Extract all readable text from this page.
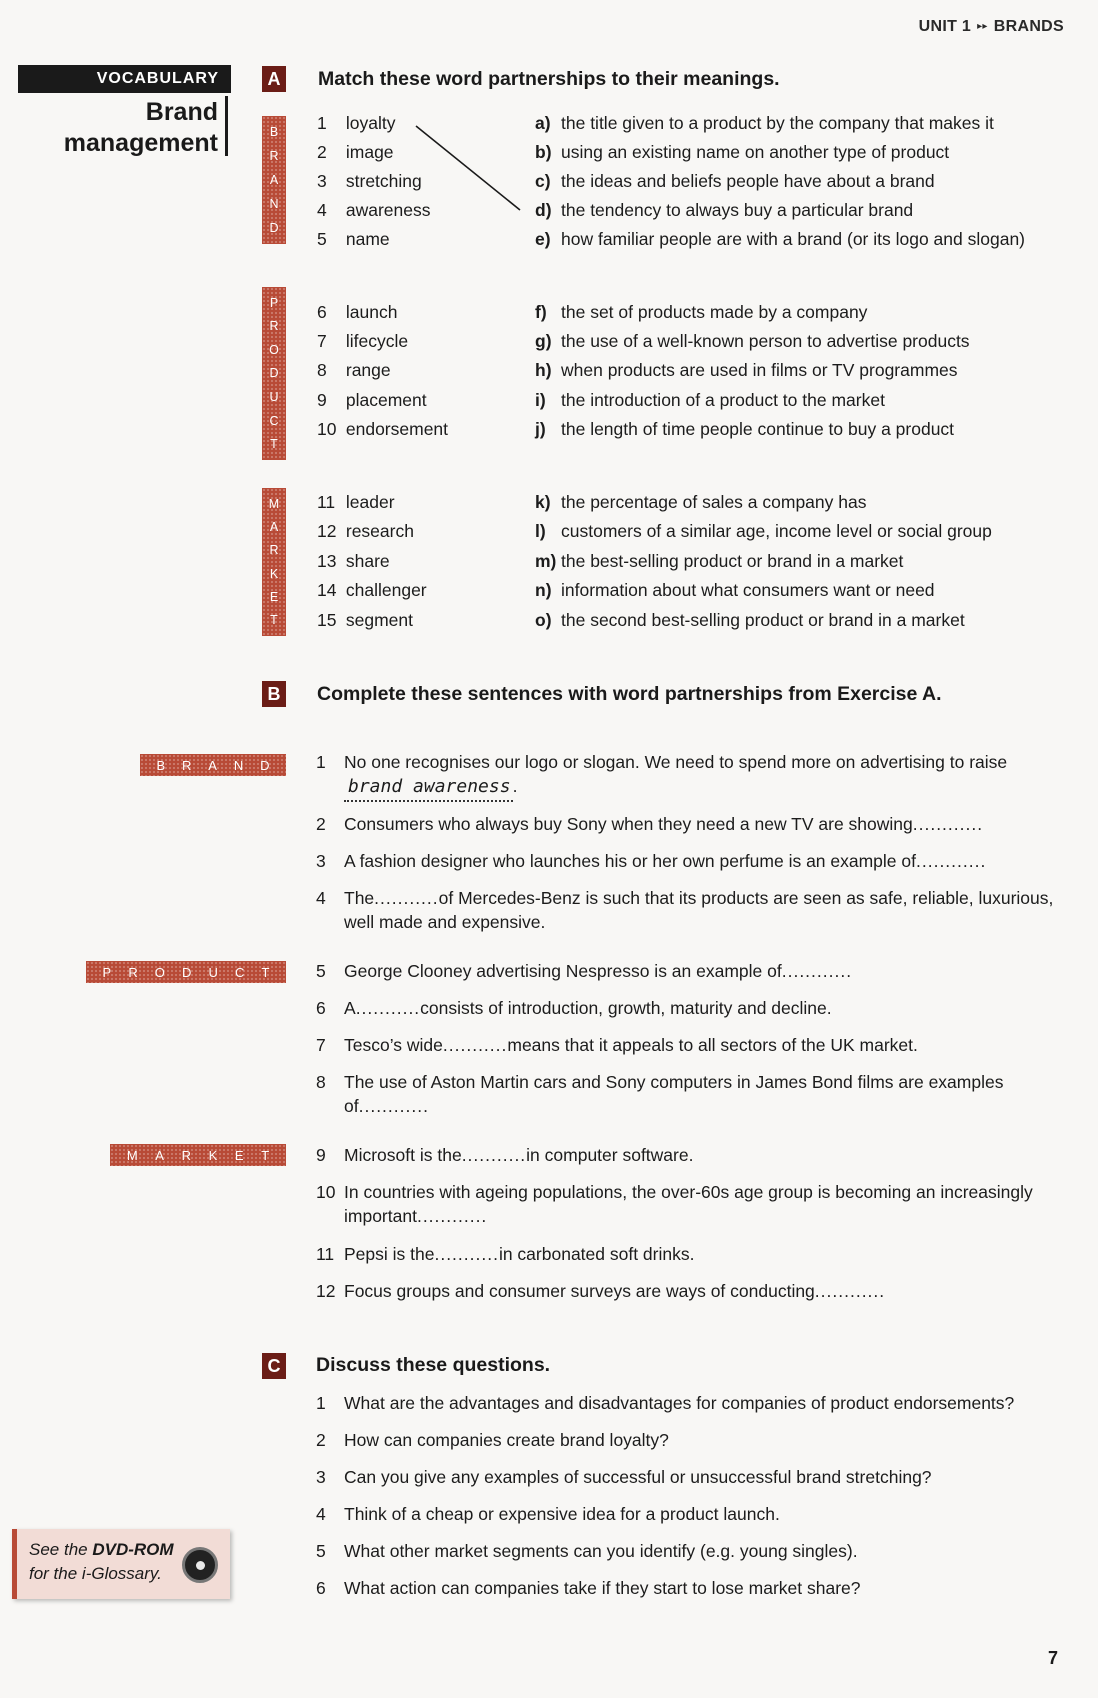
UNIT 1 ▸▸ BRANDS
VOCABULARY
Brand
management
A Match these word partnerships to their meanings.
B
R
A
N
D
P
R
O
D
U
C
T
M
A
R
K
E
T
1 loyalty
2 image
3 stretching
4 awareness
5 name
a) the title given to a product by the company that makes it
b) using an existing name on another type of product
c) the ideas and beliefs people have about a brand
d) the tendency to always buy a particular brand
e) how familiar people are with a brand (or its logo and slogan)
6 launch
7 lifecycle
8 range
9 placement
10 endorsement
f) the set of products made by a company
g) the use of a well-known person to advertise products
h) when products are used in films or TV programmes
i) the introduction of a product to the market
j) the length of time people continue to buy a product
11 leader
12 research
13 share
14 challenger
15 segment
k) the percentage of sales a company has
l) customers of a similar age, income level or social group
m) the best-selling product or brand in a market
n) information about what consumers want or need
o) the second best-selling product or brand in a market
B Complete these sentences with word partnerships from Exercise A.
B R A N D
P R O D U C T
M A R K E T
1 No one recognises our logo or slogan. We need to spend more on advertising to raise
brand awareness .
2 Consumers who always buy Sony when they need a new TV are showing............
3 A fashion designer who launches his or her own perfume is an example of............
4 The...........of Mercedes-Benz is such that its products are seen as safe, reliable, luxurious, well made and expensive.
5 George Clooney advertising Nespresso is an example of............
6 A...........consists of introduction, growth, maturity and decline.
7 Tesco’s wide...........means that it appeals to all sectors of the UK market.
8 The use of Aston Martin cars and Sony computers in James Bond films are examples of............
9 Microsoft is the...........in computer software.
10 In countries with ageing populations, the over-60s age group is becoming an increasingly important............
11 Pepsi is the...........in carbonated soft drinks.
12 Focus groups and consumer surveys are ways of conducting............
C Discuss these questions.
1 What are the advantages and disadvantages for companies of product endorsements?
2 How can companies create brand loyalty?
3 Can you give any examples of successful or unsuccessful brand stretching?
4 Think of a cheap or expensive idea for a product launch.
5 What other market segments can you identify (e.g. young singles).
6 What action can companies take if they start to lose market share?
See the DVD-ROM
for the i-Glossary.
7
